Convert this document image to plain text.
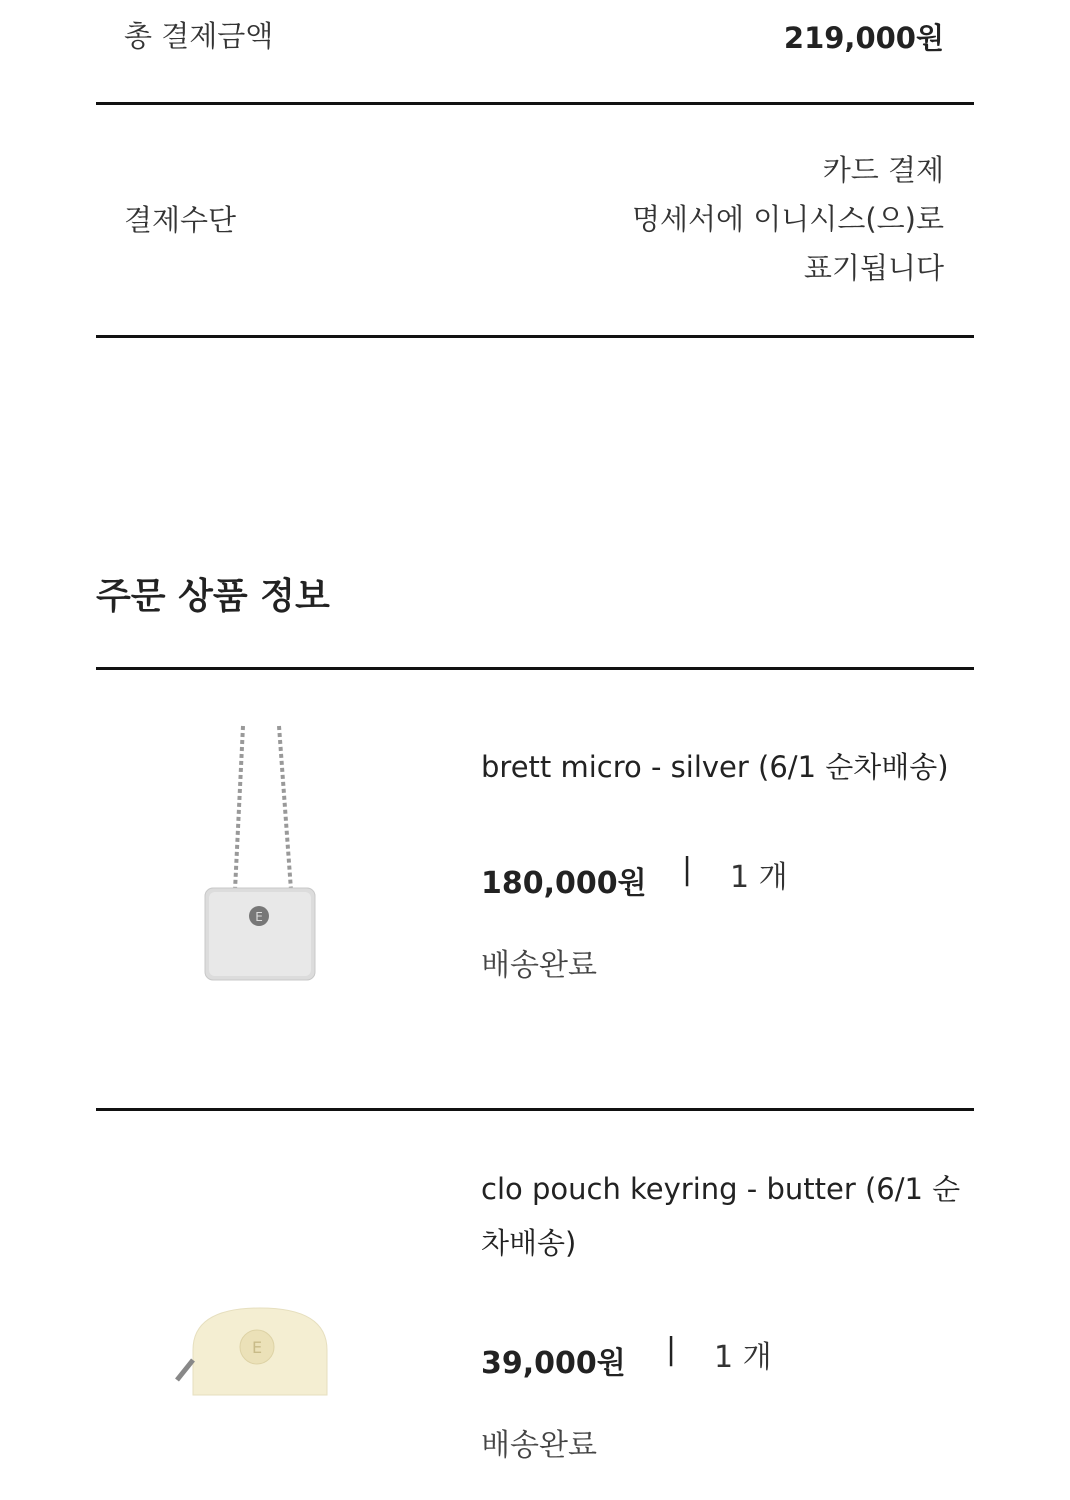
총 결제금액	219,000원
결제수단
카드 결제
명세서에 이니시스(으)로
표기됩니다
주문 상품 정보
E
brett micro - silver (6/1 순차배송)
180,000원 | 1 개
배송완료
E
clo pouch keyring - butter (6/1 순차배송)
39,000원 | 1 개
배송완료
